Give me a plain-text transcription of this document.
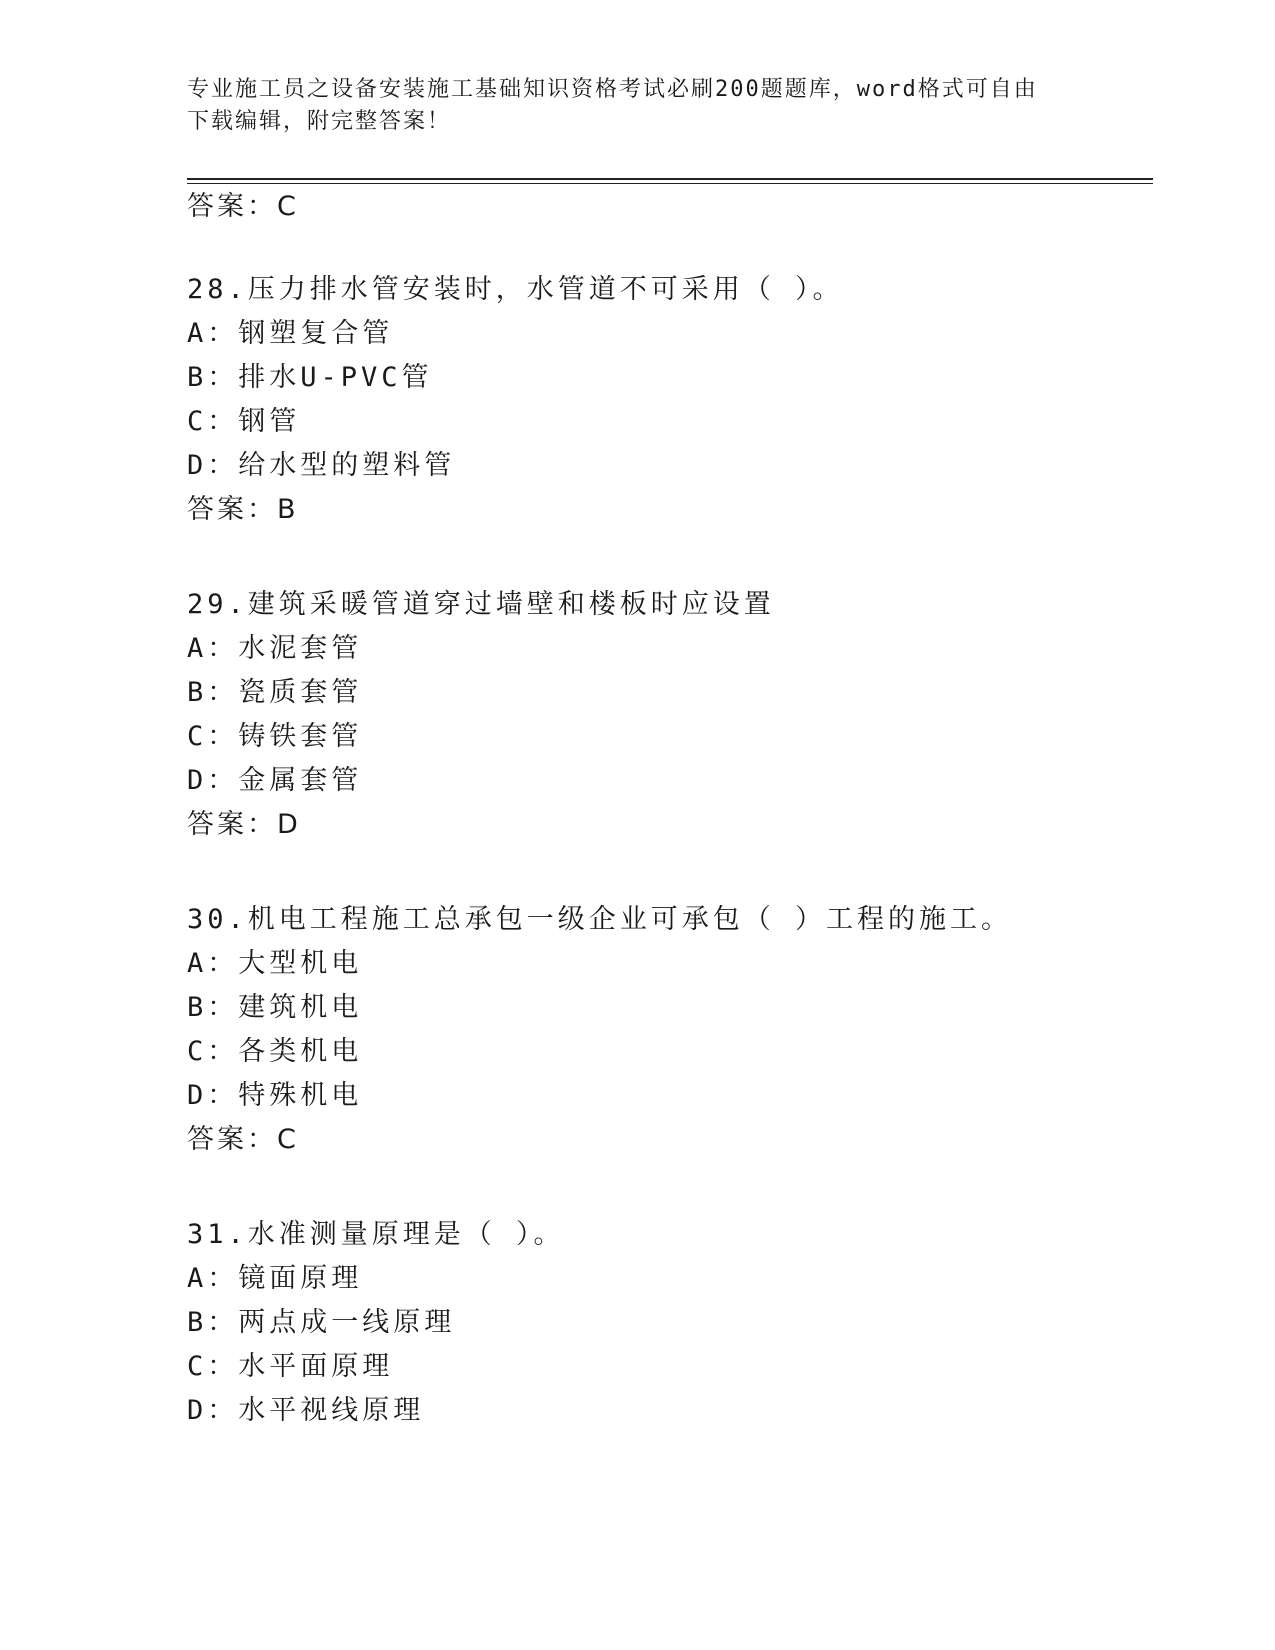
专业施工员之设备安装施工基础知识资格考试必刷200题题库，word格式可自由
下载编辑，附完整答案！
答案：C
28.压力排水管安装时，水管道不可采用（ ）。
A：钢塑复合管
B：排水U-PVC管
C：钢管
D：给水型的塑料管
答案：B
29.建筑采暖管道穿过墙壁和楼板时应设置
A：水泥套管
B：瓷质套管
C：铸铁套管
D：金属套管
答案：D
30.机电工程施工总承包一级企业可承包（ ）工程的施工。
A：大型机电
B：建筑机电
C：各类机电
D：特殊机电
答案：C
31.水准测量原理是（ ）。
A：镜面原理
B：两点成一线原理
C：水平面原理
D：水平视线原理
